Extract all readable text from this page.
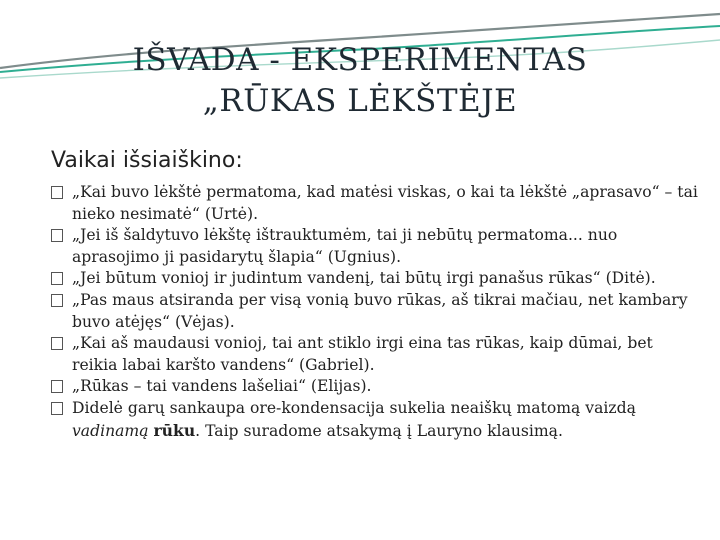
IŠVADA - EKSPERIMENTAS
„RŪKAS LĖKŠTĖJE
Vaikai išsiaiškino:
„Kai buvo lėkštė permatoma, kad matėsi viskas, o kai ta lėkštė „aprasavo“ – tai nieko nesimatė“ (Urtė).
„Jei iš šaldytuvo lėkštę ištrauktumėm, tai ji nebūtų permatoma... nuo aprasojimo ji pasidarytų šlapia“ (Ugnius).
„Jei būtum vonioj ir judintum vandenį, tai būtų irgi panašus rūkas“ (Ditė).
„Pas maus atsiranda per visą vonią buvo rūkas, aš tikrai mačiau, net kambary buvo atėjęs“ (Vėjas).
„Kai aš maudausi vonioj, tai ant stiklo irgi eina tas rūkas, kaip dūmai, bet reikia labai karšto vandens“ (Gabriel).
„Rūkas – tai vandens lašeliai“ (Elijas).
Didelė garų sankaupa ore-kondensacija sukelia neaiškų matomą vaizdą vadinamą rūku. Taip suradome atsakymą į Lauryno klausimą.
